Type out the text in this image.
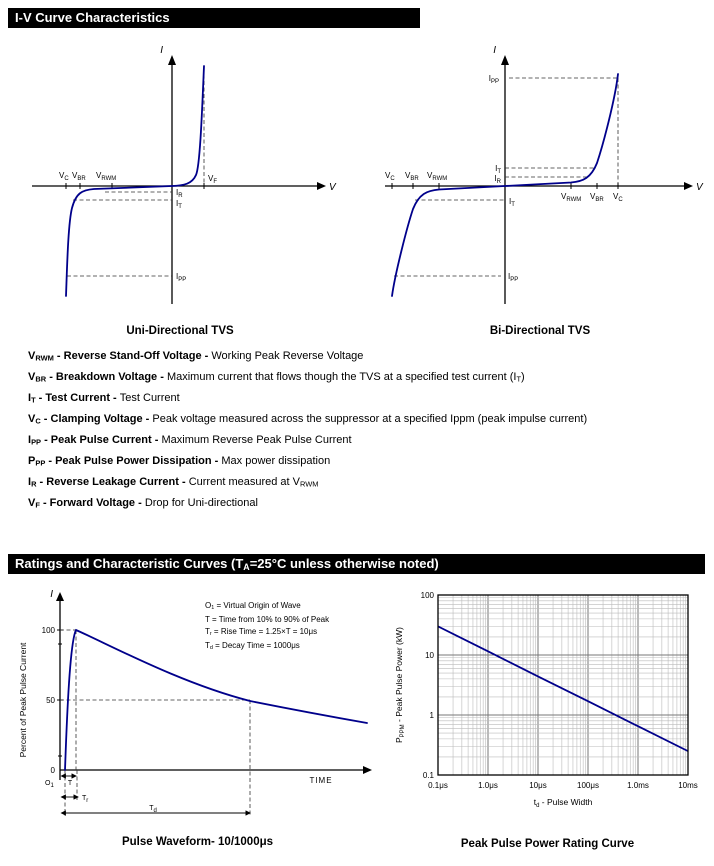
I-V Curve Characteristics
V
I
$V_C$ $V_{BR}$ $V_{RWM}$	$V_F$
$I_R$
$I_T$
$I_{PP}$
Uni-Directional TVS
V
I
$V_C$ $V_{BR}$ $V_{RWM}$
$V_{RWM}$ $V_{BR}$ $V_C$
$I_{PP}$
$I_T$
$I_R$
$I_T$
$I_{PP}$
Bi-Directional TVS
VRWM - Reverse Stand-Off Voltage - Working Peak Reverse Voltage
VBR - Breakdown Voltage - Maximum current that flows though the TVS at a specified test current (IT)
IT - Test Current - Test Current
VC - Clamping Voltage - Peak voltage measured across the suppressor at a specified Ippm (peak impulse current)
IPP - Peak Pulse Current - Maximum Reverse Peak Pulse Current
PPP - Peak Pulse Power Dissipation - Max power dissipation
IR - Reverse Leakage Current - Current measured at VRWM
VF - Forward Voltage - Drop for Uni-directional
Ratings and Characteristic Curves (TA=25°C unless otherwise noted)
I
TIME
100
50
0
O1 T
Tr
Td
Percent of Peak Pulse Current
O1 = Virtual Origin of Wave
T = Time from 10% to 90% of Peak
Tr = Rise Time = 1.25×T = 10μs
Td = Decay Time = 1000μs
Pulse Waveform- 10/1000μs
100
10
1
0.1
0.1μs	1.0μs	10μs	100μs	1.0ms	10ms
$t_d$ - Pulse Width
$P_{PPM}$ - Peak Pulse Power (kW)
Peak Pulse Power Rating Curve
